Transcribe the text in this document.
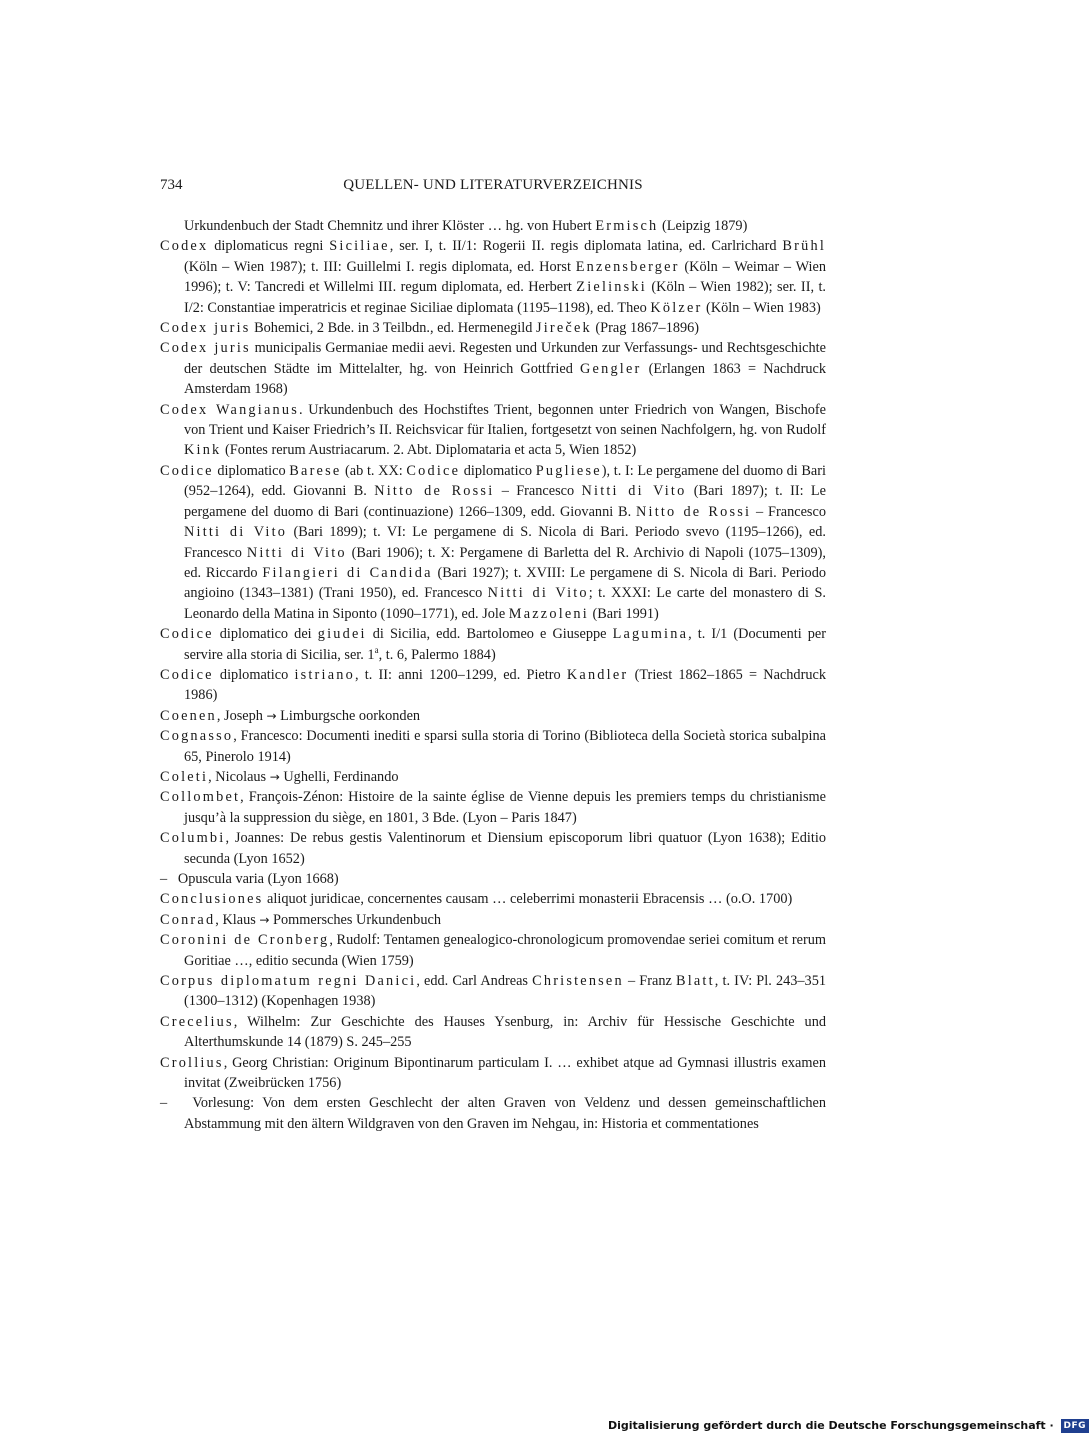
734	QUELLEN- UND LITERATURVERZEICHNIS

Urkundenbuch der Stadt Chemnitz und ihrer Klöster … hg. von Hubert Ermisch (Leipzig 1879)

Codex diplomaticus regni Siciliae, ser. I, t. II/1: Rogerii II. regis diplomata latina, ed. Carlrichard Brühl (Köln – Wien 1987); t. III: Guillelmi I. regis diplomata, ed. Horst Enzensberger (Köln – Weimar – Wien 1996); t. V: Tancredi et Willelmi III. regum diplomata, ed. Herbert Zielinski (Köln – Wien 1982); ser. II, t. I/2: Constantiae imperatricis et reginae Siciliae diplomata (1195–1198), ed. Theo Kölzer (Köln – Wien 1983)

Codex juris Bohemici, 2 Bde. in 3 Teilbdn., ed. Hermenegild Jireček (Prag 1867–1896)

Codex juris municipalis Germaniae medii aevi. Regesten und Urkunden zur Verfassungs- und Rechtsgeschichte der deutschen Städte im Mittelalter, hg. von Heinrich Gottfried Gengler (Erlangen 1863 = Nachdruck Amsterdam 1968)

Codex Wangianus. Urkundenbuch des Hochstiftes Trient, begonnen unter Friedrich von Wangen, Bischofe von Trient und Kaiser Friedrich’s II. Reichsvicar für Italien, fortgesetzt von seinen Nachfolgern, hg. von Rudolf Kink (Fontes rerum Austriacarum. 2. Abt. Diplomataria et acta 5, Wien 1852)

Codice diplomatico Barese (ab t. XX: Codice diplomatico Pugliese), t. I: Le pergamene del duomo di Bari (952–1264), edd. Giovanni B. Nitto de Rossi – Francesco Nitti di Vito (Bari 1897); t. II: Le pergamene del duomo di Bari (continuazione) 1266–1309, edd. Giovanni B. Nitto de Rossi – Francesco Nitti di Vito (Bari 1899); t. VI: Le pergamene di S. Nicola di Bari. Periodo svevo (1195–1266), ed. Francesco Nitti di Vito (Bari 1906); t. X: Pergamene di Barletta del R. Archivio di Napoli (1075–1309), ed. Riccardo Filangieri di Candida (Bari 1927); t. XVIII: Le pergamene di S. Nicola di Bari. Periodo angioino (1343–1381) (Trani 1950), ed. Francesco Nitti di Vito; t. XXXI: Le carte del monastero di S. Leonardo della Matina in Siponto (1090–1771), ed. Jole Mazzoleni (Bari 1991)

Codice diplomatico dei giudei di Sicilia, edd. Bartolomeo e Giuseppe Lagumina, t. I/1 (Documenti per servire alla storia di Sicilia, ser. 1$^a$, t. 6, Palermo 1884)

Codice diplomatico istriano, t. II: anni 1200–1299, ed. Pietro Kandler (Triest 1862–1865 = Nachdruck 1986)

Coenen, Joseph → Limburgsche oorkonden

Cognasso, Francesco: Documenti inediti e sparsi sulla storia di Torino (Biblioteca della Società storica subalpina 65, Pinerolo 1914)

Coleti, Nicolaus → Ughelli, Ferdinando

Collombet, François-Zénon: Histoire de la sainte église de Vienne depuis les premiers temps du christianisme jusqu’à la suppression du siège, en 1801, 3 Bde. (Lyon – Paris 1847)

Columbi, Joannes: De rebus gestis Valentinorum et Diensium episcoporum libri quatuor (Lyon 1638); Editio secunda (Lyon 1652)

–   Opuscula varia (Lyon 1668)

Conclusiones aliquot juridicae, concernentes causam … celeberrimi monasterii Ebracensis … (o.O. 1700)

Conrad, Klaus → Pommersches Urkundenbuch

Coronini de Cronberg, Rudolf: Tentamen genealogico-chronologicum promovendae seriei comitum et rerum Goritiae …, editio secunda (Wien 1759)

Corpus diplomatum regni Danici, edd. Carl Andreas Christensen – Franz Blatt, t. IV: Pl. 243–351 (1300–1312) (Kopenhagen 1938)

Crecelius, Wilhelm: Zur Geschichte des Hauses Ysenburg, in: Archiv für Hessische Geschichte und Alterthumskunde 14 (1879) S. 245–255

Crollius, Georg Christian: Originum Bipontinarum particulam I. … exhibet atque ad Gymnasi illustris examen invitat (Zweibrücken 1756)

–   Vorlesung: Von dem ersten Geschlecht der alten Graven von Veldenz und dessen gemeinschaftlichen Abstammung mit den ältern Wildgraven von den Graven im Nehgau, in: Historia et commentationes

Digitalisierung gefördert durch die Deutsche Forschungsgemeinschaft · DFG
